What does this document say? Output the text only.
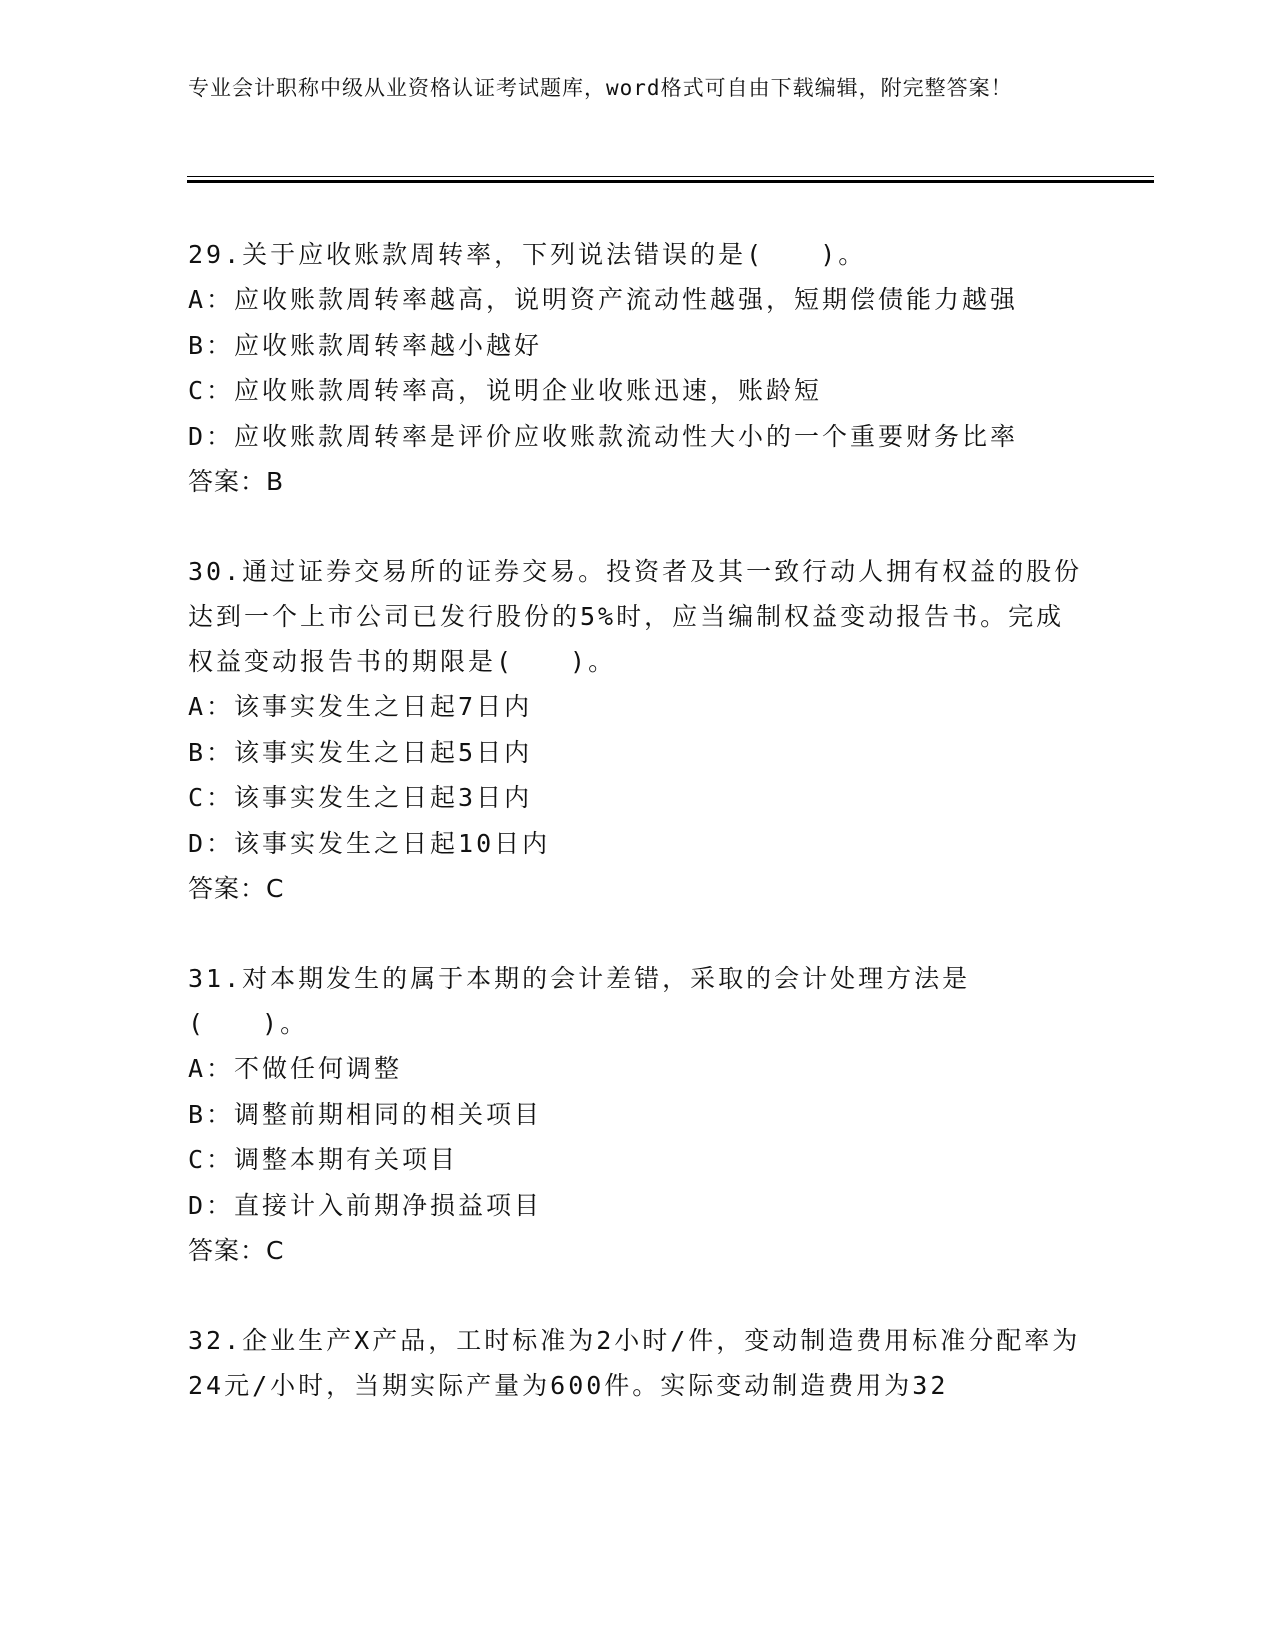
专业会计职称中级从业资格认证考试题库，word格式可自由下载编辑，附完整答案！
29.关于应收账款周转率，下列说法错误的是(　　)。
A：应收账款周转率越高，说明资产流动性越强，短期偿债能力越强
B：应收账款周转率越小越好
C：应收账款周转率高，说明企业收账迅速，账龄短
D：应收账款周转率是评价应收账款流动性大小的一个重要财务比率
答案：B
30.通过证券交易所的证券交易。投资者及其一致行动人拥有权益的股份达到一个上市公司已发行股份的5%时，应当编制权益变动报告书。完成权益变动报告书的期限是(　　)。
A：该事实发生之日起7日内
B：该事实发生之日起5日内
C：该事实发生之日起3日内
D：该事实发生之日起10日内
答案：C
31.对本期发生的属于本期的会计差错，采取的会计处理方法是(　　)。
A：不做任何调整
B：调整前期相同的相关项目
C：调整本期有关项目
D：直接计入前期净损益项目
答案：C
32.企业生产X产品，工时标准为2小时/件，变动制造费用标准分配率为24元/小时，当期实际产量为600件。实际变动制造费用为32
